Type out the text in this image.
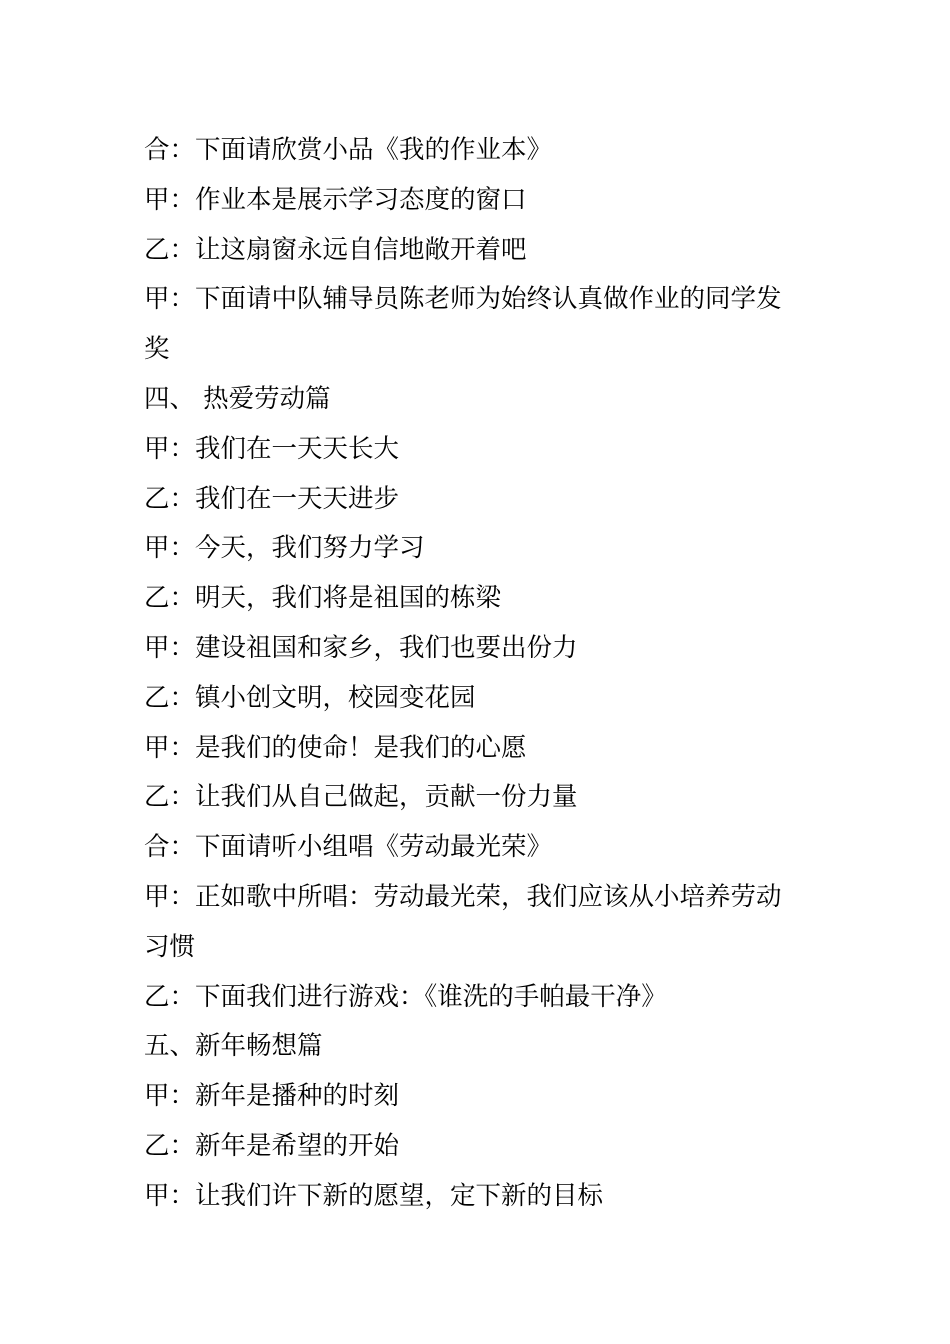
合：下面请欣赏小品《我的作业本》

甲：作业本是展示学习态度的窗口

乙：让这扇窗永远自信地敞开着吧

甲：下面请中队辅导员陈老师为始终认真做作业的同学发

奖

四、 热爱劳动篇

甲：我们在一天天长大

乙：我们在一天天进步

甲：今天，我们努力学习

乙：明天，我们将是祖国的栋梁

甲：建设祖国和家乡，我们也要出份力

乙：镇小创文明，校园变花园

甲：是我们的使命！是我们的心愿

乙：让我们从自己做起，贡献一份力量

合：下面请听小组唱《劳动最光荣》

甲：正如歌中所唱：劳动最光荣，我们应该从小培养劳动

习惯

乙：下面我们进行游戏：《谁洗的手帕最干净》

五、新年畅想篇

甲：新年是播种的时刻

乙：新年是希望的开始

甲：让我们许下新的愿望，定下新的目标
